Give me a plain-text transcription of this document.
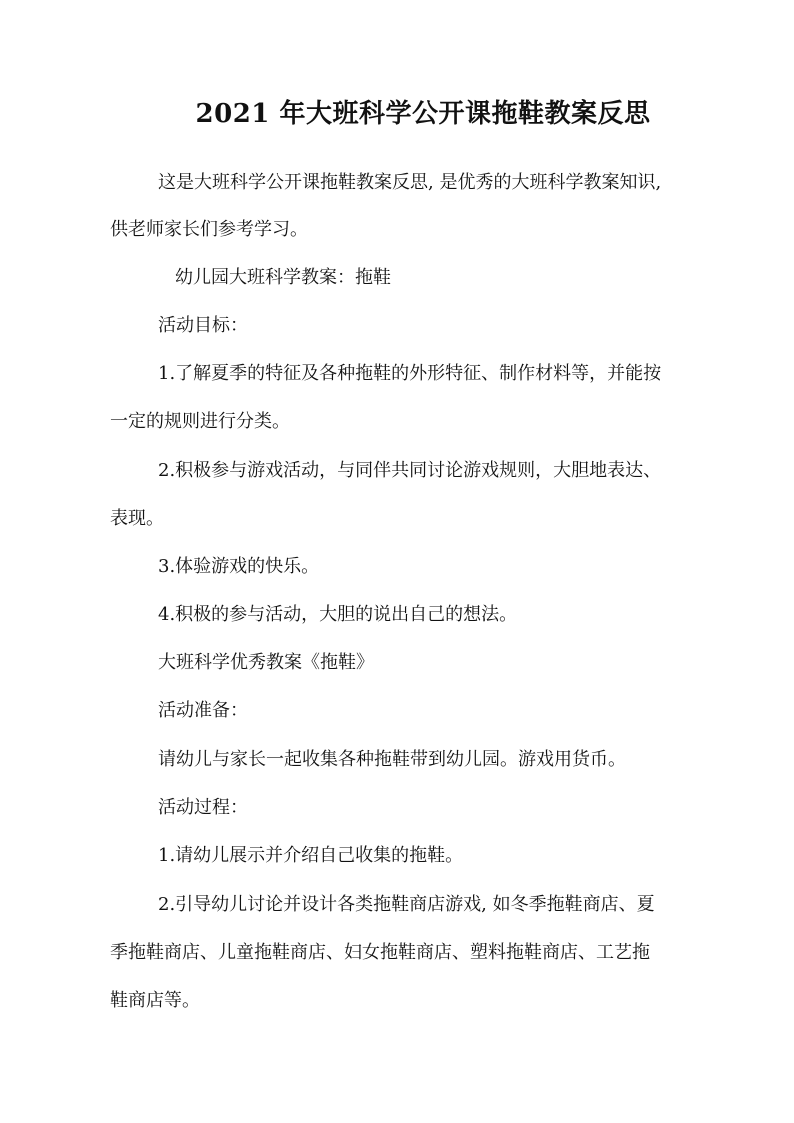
2021 年大班科学公开课拖鞋教案反思

这是大班科学公开课拖鞋教案反思, 是优秀的大班科学教案知识,

供老师家长们参考学习。

幼儿园大班科学教案：拖鞋

活动目标：

1.了解夏季的特征及各种拖鞋的外形特征、制作材料等，并能按

一定的规则进行分类。

2.积极参与游戏活动，与同伴共同讨论游戏规则，大胆地表达、

表现。

3.体验游戏的快乐。

4.积极的参与活动，大胆的说出自己的想法。

大班科学优秀教案《拖鞋》

活动准备：

请幼儿与家长一起收集各种拖鞋带到幼儿园。游戏用货币。

活动过程：

1.请幼儿展示并介绍自己收集的拖鞋。

2.引导幼儿讨论并设计各类拖鞋商店游戏, 如冬季拖鞋商店、夏

季拖鞋商店、儿童拖鞋商店、妇女拖鞋商店、塑料拖鞋商店、工艺拖

鞋商店等。
